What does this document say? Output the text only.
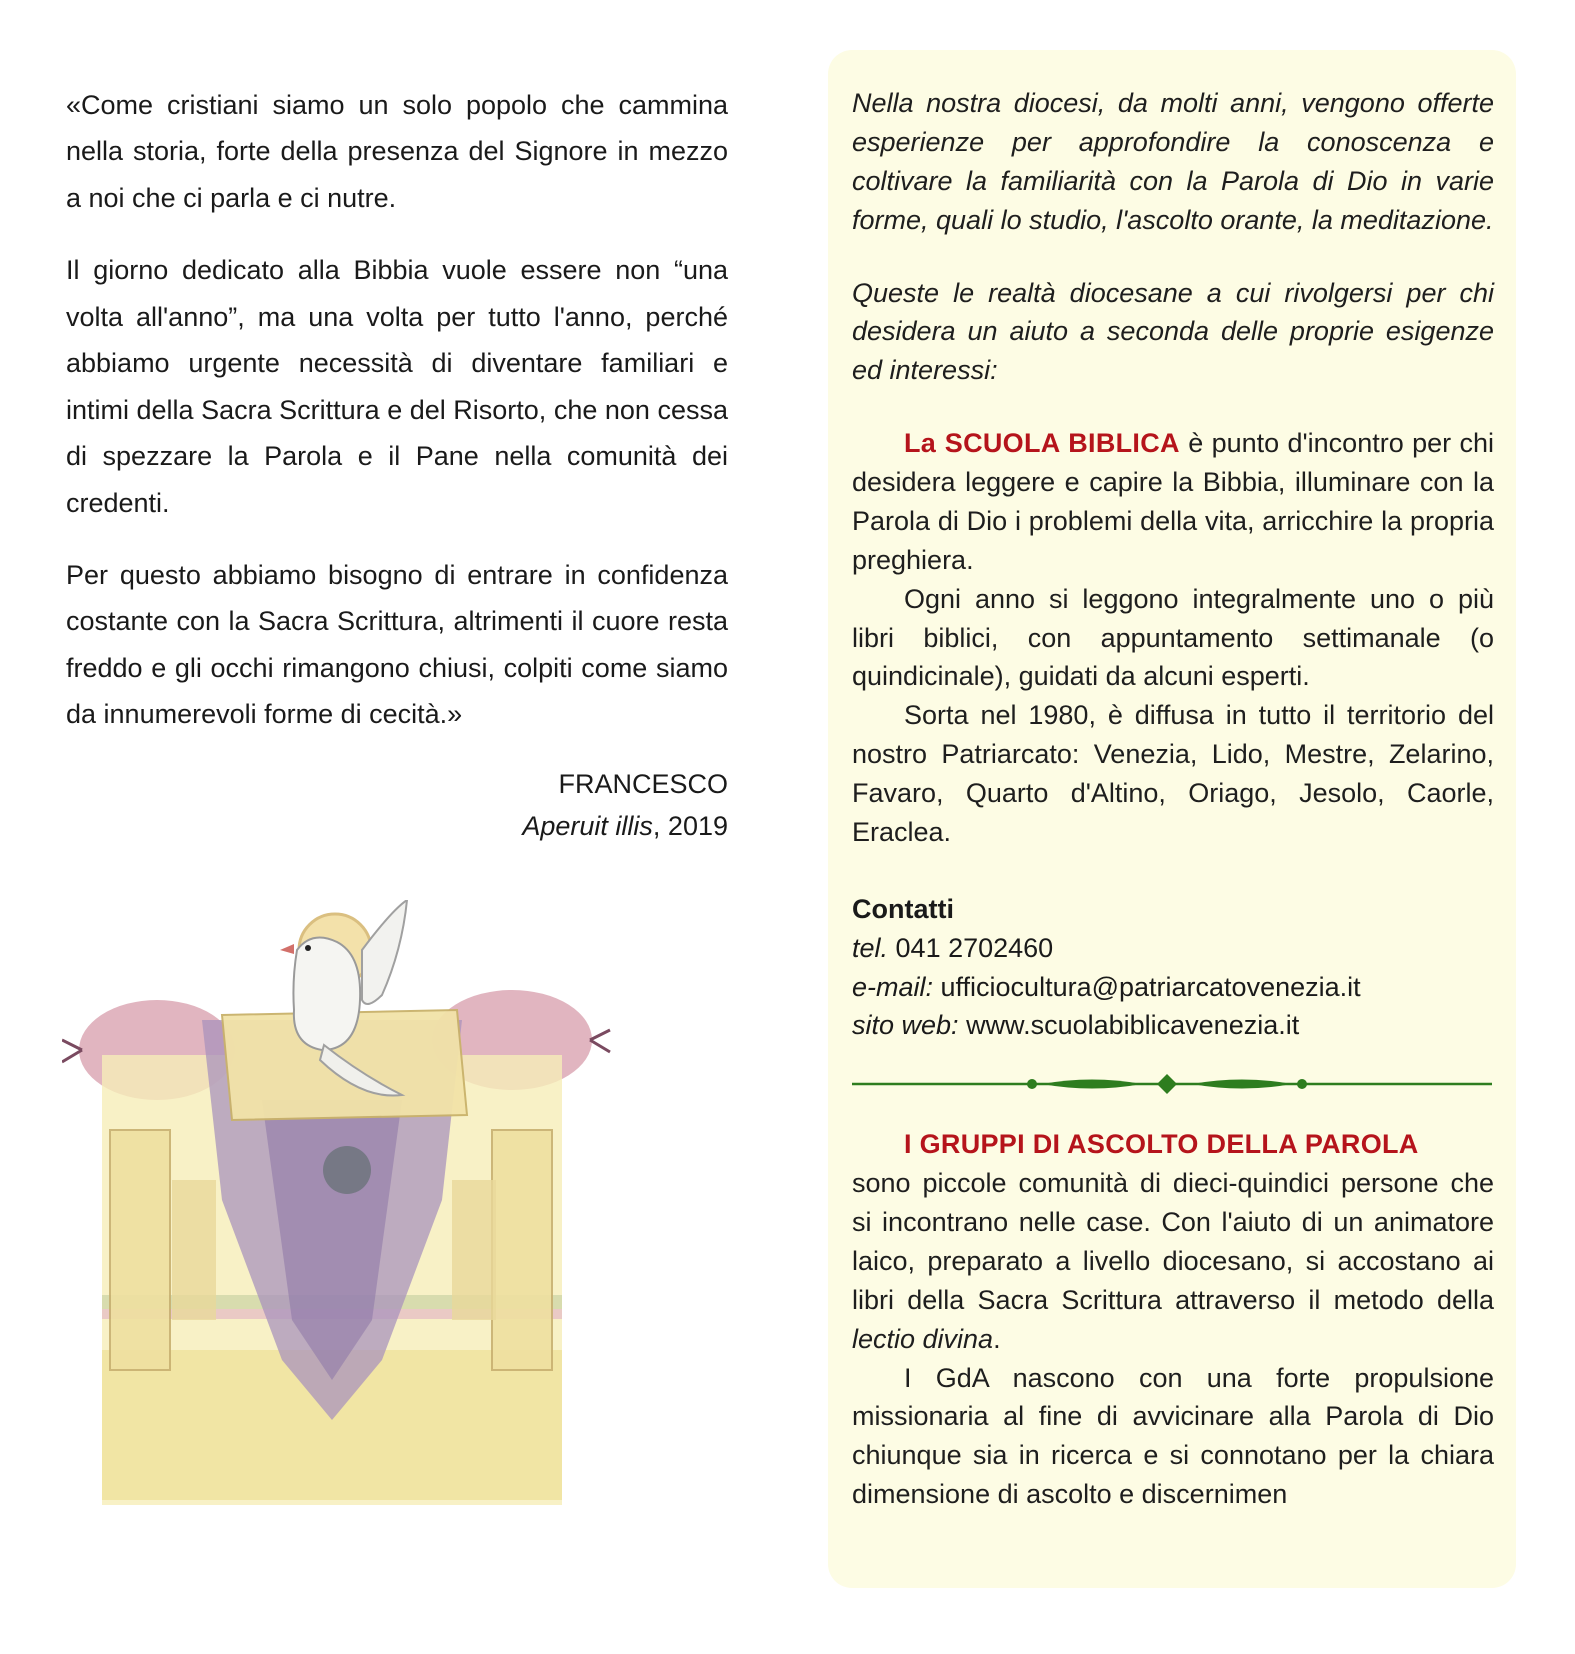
«Come cristiani siamo un solo popolo che cammina nella storia, forte della presenza del Signore in mezzo a noi che ci parla e ci nutre.

Il giorno dedicato alla Bibbia vuole essere non “una volta all'anno”, ma una volta per tutto l'anno, perché abbiamo urgente necessità di diventare familiari e intimi della Sacra Scrittura e del Risorto, che non cessa di spezzare la Parola e il Pane nella comunità dei credenti.

Per questo abbiamo bisogno di entrare in confidenza costante con la Sacra Scrittura, altrimenti il cuore resta freddo e gli occhi rimangono chiusi, colpiti come siamo da innumerevoli forme di cecità.»

FRANCESCO
Aperuit illis, 2019

Nella nostra diocesi, da molti anni, vengono offerte esperienze per approfondire la conoscenza e coltivare la familiarità con la Parola di Dio in varie forme, quali lo studio, l'ascolto orante, la meditazione.

Queste le realtà diocesane a cui rivolgersi per chi desidera un aiuto a seconda delle proprie esigenze ed interessi:

La SCUOLA BIBLICA è punto d'incontro per chi desidera leggere e capire la Bibbia, illuminare con la Parola di Dio i problemi della vita, arricchire la propria preghiera.

Ogni anno si leggono integralmente uno o più libri biblici, con appuntamento settimanale (o quindicinale), guidati da alcuni esperti.

Sorta nel 1980, è diffusa in tutto il territorio del nostro Patriarcato: Venezia, Lido, Mestre, Zelarino, Favaro, Quarto d'Altino, Oriago, Jesolo, Caorle, Eraclea.

Contatti
tel. 041 2702460
e-mail: ufficiocultura@patriarcatovenezia.it
sito web: www.scuolabiblicavenezia.it

I GRUPPI DI ASCOLTO DELLA PAROLA

sono piccole comunità di dieci-quindici persone che si incontrano nelle case. Con l'aiuto di un animatore laico, preparato a livello diocesano, si accostano ai libri della Sacra Scrittura attraverso il metodo della lectio divina.

I GdA nascono con una forte propulsione missionaria al fine di avvicinare alla Parola di Dio chiunque sia in ricerca e si connotano per la chiara dimensione di ascolto e discernimen
